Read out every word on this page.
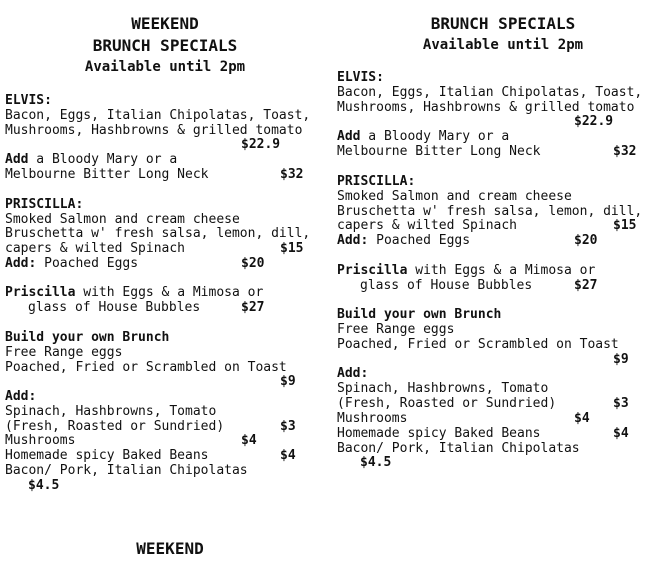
WEEKEND
BRUNCH SPECIALS
Available until 2pm
ELVIS:
Bacon, Eggs, Italian Chipolatas, Toast,
Mushrooms, Hashbrowns & grilled tomato
$22.9
Add a Bloody Mary or a
Melbourne Bitter Long Neck	$32
PRISCILLA:
Smoked Salmon and cream cheese
Bruschetta w' fresh salsa, lemon, dill,
capers & wilted Spinach	$15
Add: Poached Eggs	$20
Priscilla with Eggs & a Mimosa or
glass of House Bubbles	$27
Build your own Brunch
Free Range eggs
Poached, Fried or Scrambled on Toast
$9
Add:
Spinach, Hashbrowns, Tomato
(Fresh, Roasted or Sundried)	$3
Mushrooms	$4
Homemade spicy Baked Beans	$4
Bacon/ Pork, Italian Chipolatas
$4.5
WEEKEND
BRUNCH SPECIALS
Available until 2pm
ELVIS:
Bacon, Eggs, Italian Chipolatas, Toast,
Mushrooms, Hashbrowns & grilled tomato
$22.9
Add a Bloody Mary or a
Melbourne Bitter Long Neck	$32
PRISCILLA:
Smoked Salmon and cream cheese
Bruschetta w' fresh salsa, lemon, dill,
capers & wilted Spinach	$15
Add: Poached Eggs	$20
Priscilla with Eggs & a Mimosa or
glass of House Bubbles	$27
Build your own Brunch
Free Range eggs
Poached, Fried or Scrambled on Toast
$9
Add:
Spinach, Hashbrowns, Tomato
(Fresh, Roasted or Sundried)	$3
Mushrooms	$4
Homemade spicy Baked Beans	$4
Bacon/ Pork, Italian Chipolatas
$4.5
